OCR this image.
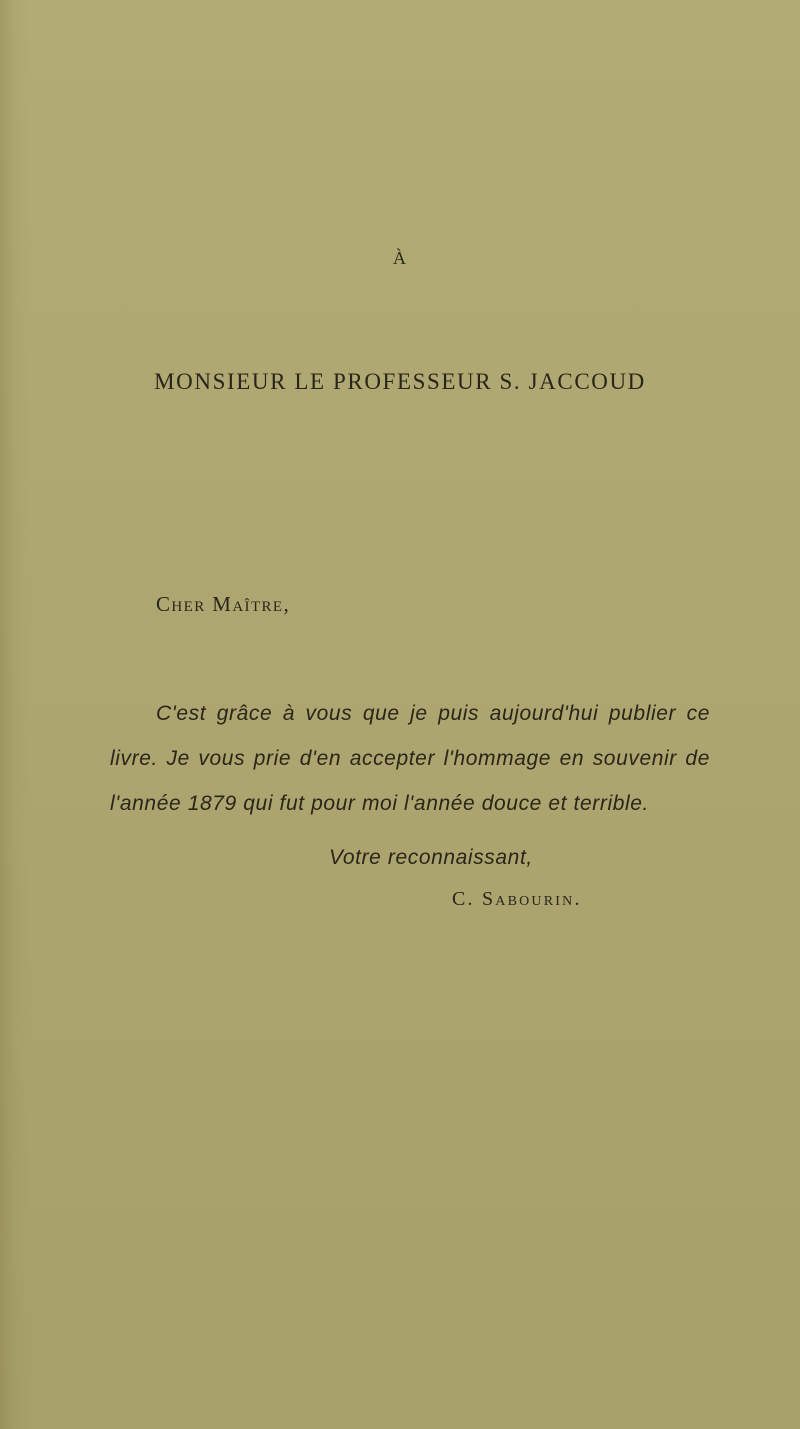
À
MONSIEUR LE PROFESSEUR S. JACCOUD
Cher Maître,
C'est grâce à vous que je puis aujourd'hui publier ce
livre. Je vous prie d'en accepter l'hommage en souvenir de
l'année 1879 qui fut pour moi l'année douce et terrible.
Votre reconnaissant,
C. Sabourin.
